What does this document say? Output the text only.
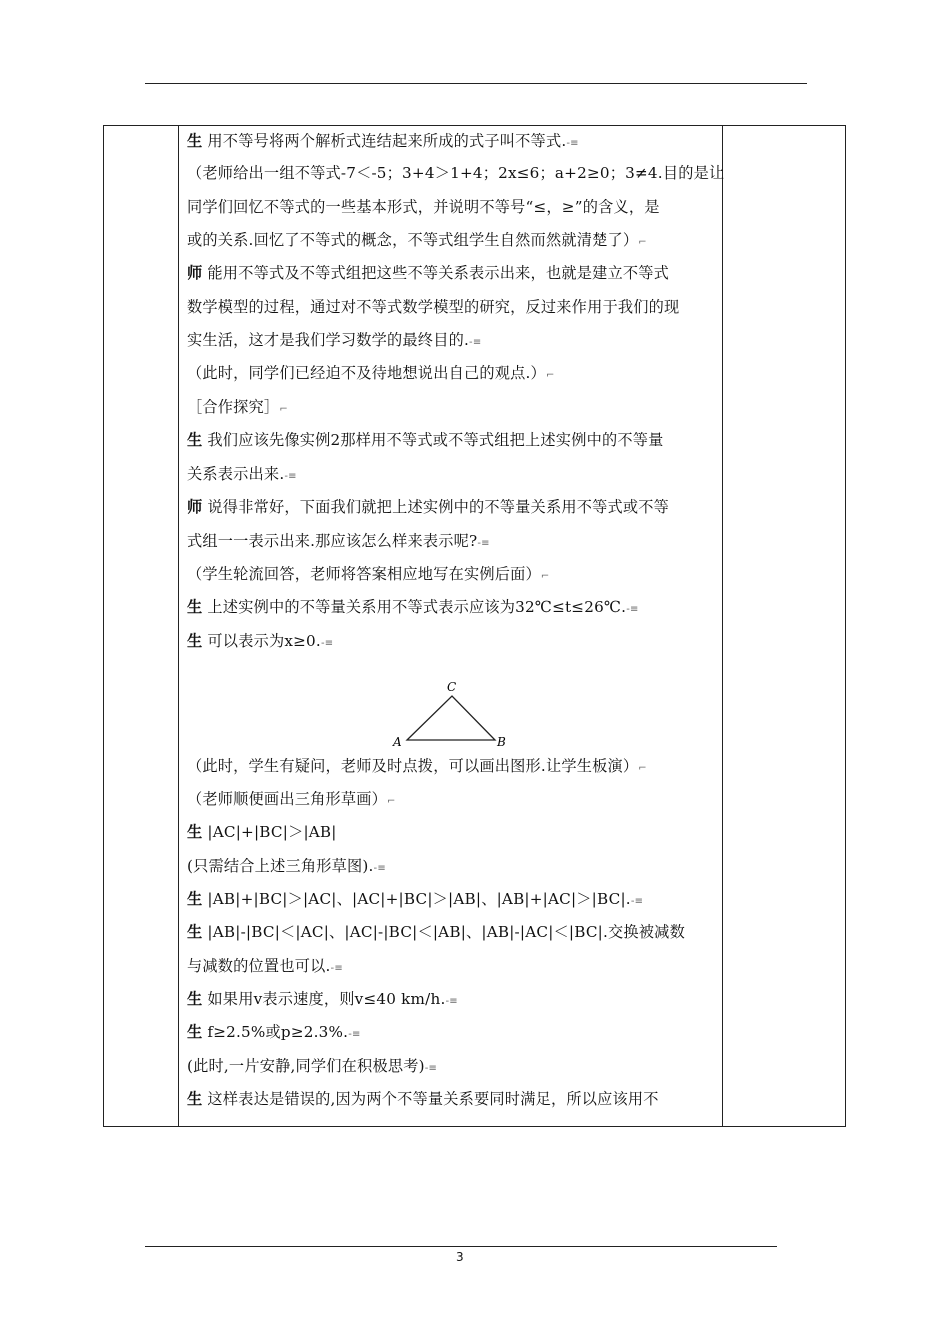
生 用不等号将两个解析式连结起来所成的式子叫不等式.-≡
（老师给出一组不等式-7＜-5；3+4＞1+4；2x≤6；a+2≥0；3≠4.目的是让
同学们回忆不等式的一些基本形式，并说明不等号“≤，≥”的含义，是
或的关系.回忆了不等式的概念，不等式组学生自然而然就清楚了）⌐
师 能用不等式及不等式组把这些不等关系表示出来，也就是建立不等式
数学模型的过程，通过对不等式数学模型的研究，反过来作用于我们的现
实生活，这才是我们学习数学的最终目的.-≡
（此时，同学们已经迫不及待地想说出自己的观点.）⌐
［合作探究］⌐
生 我们应该先像实例2那样用不等式或不等式组把上述实例中的不等量
关系表示出来.-≡
师 说得非常好，下面我们就把上述实例中的不等量关系用不等式或不等
式组一一表示出来.那应该怎么样来表示呢?-≡
（学生轮流回答，老师将答案相应地写在实例后面）⌐
生 上述实例中的不等量关系用不等式表示应该为32℃≤t≤26℃.-≡
生 可以表示为x≥0.-≡
（此时，学生有疑问，老师及时点拨，可以画出图形.让学生板演）⌐
（老师顺便画出三角形草画）⌐
生 |AC|+|BC|＞|AB|
(只需结合上述三角形草图).-≡
生 |AB|+|BC|＞|AC|、|AC|+|BC|＞|AB|、|AB|+|AC|＞|BC|.-≡
生 |AB|-|BC|＜|AC|、|AC|-|BC|＜|AB|、|AB|-|AC|＜|BC|.交换被减数
与减数的位置也可以.-≡
生 如果用v表示速度，则v≤40 km/h.-≡
生 f≥2.5%或p≥2.3%.-≡
(此时,一片安静,同学们在积极思考)-≡
生 这样表达是错误的,因为两个不等量关系要同时满足，所以应该用不
A	B
C
3
